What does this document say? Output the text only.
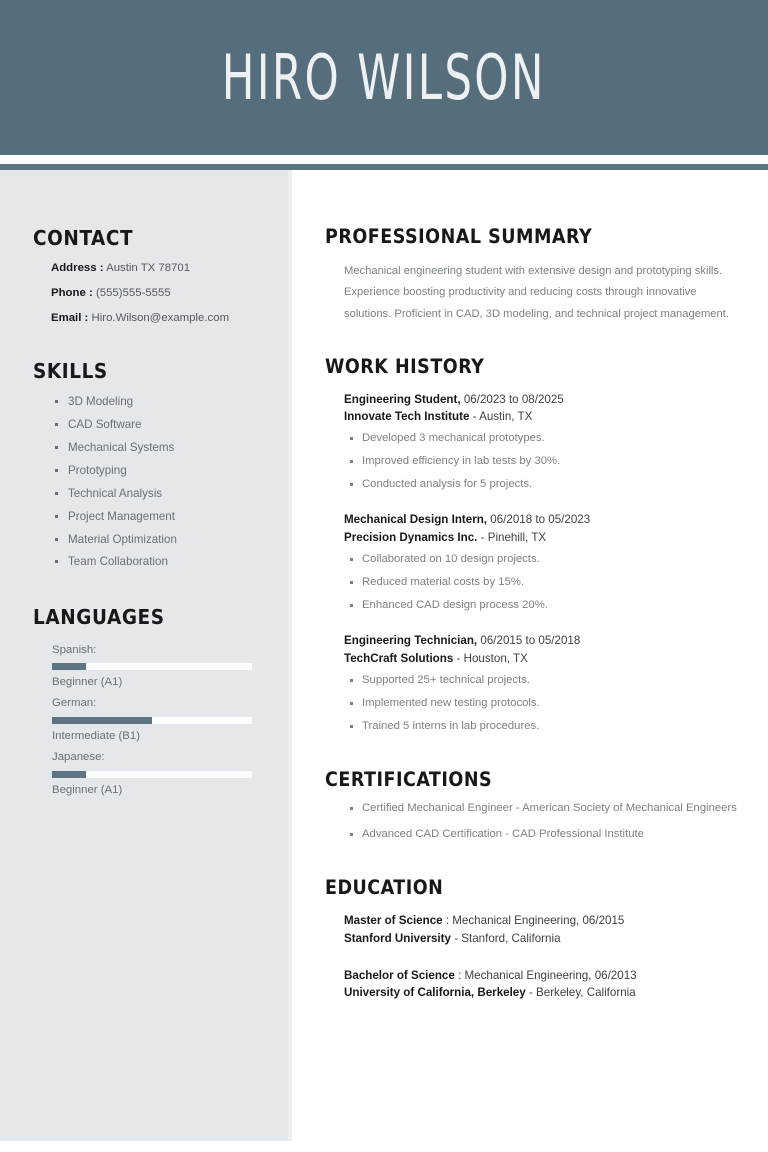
HIRO WILSON
CONTACT
Address : Austin TX 78701
Phone : (555)555-5555
Email : Hiro.Wilson@example.com
SKILLS
3D Modeling
CAD Software
Mechanical Systems
Prototyping
Technical Analysis
Project Management
Material Optimization
Team Collaboration
LANGUAGES
Spanish:
Beginner (A1)
German:
Intermediate (B1)
Japanese:
Beginner (A1)
PROFESSIONAL SUMMARY

Mechanical engineering student with extensive design and prototyping skills. Experience boosting productivity and reducing costs through innovative solutions. Proficient in CAD, 3D modeling, and technical project management.

WORK HISTORY
Engineering Student, 06/2023 to 08/2025
Innovate Tech Institute - Austin, TX
Developed 3 mechanical prototypes.
Improved efficiency in lab tests by 30%.
Conducted analysis for 5 projects.
Mechanical Design Intern, 06/2018 to 05/2023
Precision Dynamics Inc. - Pinehill, TX
Collaborated on 10 design projects.
Reduced material costs by 15%.
Enhanced CAD design process 20%.
Engineering Technician, 06/2015 to 05/2018
TechCraft Solutions - Houston, TX
Supported 25+ technical projects.
Implemented new testing protocols.
Trained 5 interns in lab procedures.
CERTIFICATIONS
Certified Mechanical Engineer - American Society of Mechanical Engineers
Advanced CAD Certification - CAD Professional Institute
EDUCATION
Master of Science : Mechanical Engineering, 06/2015
Stanford University - Stanford, California
Bachelor of Science : Mechanical Engineering, 06/2013
University of California, Berkeley - Berkeley, California
